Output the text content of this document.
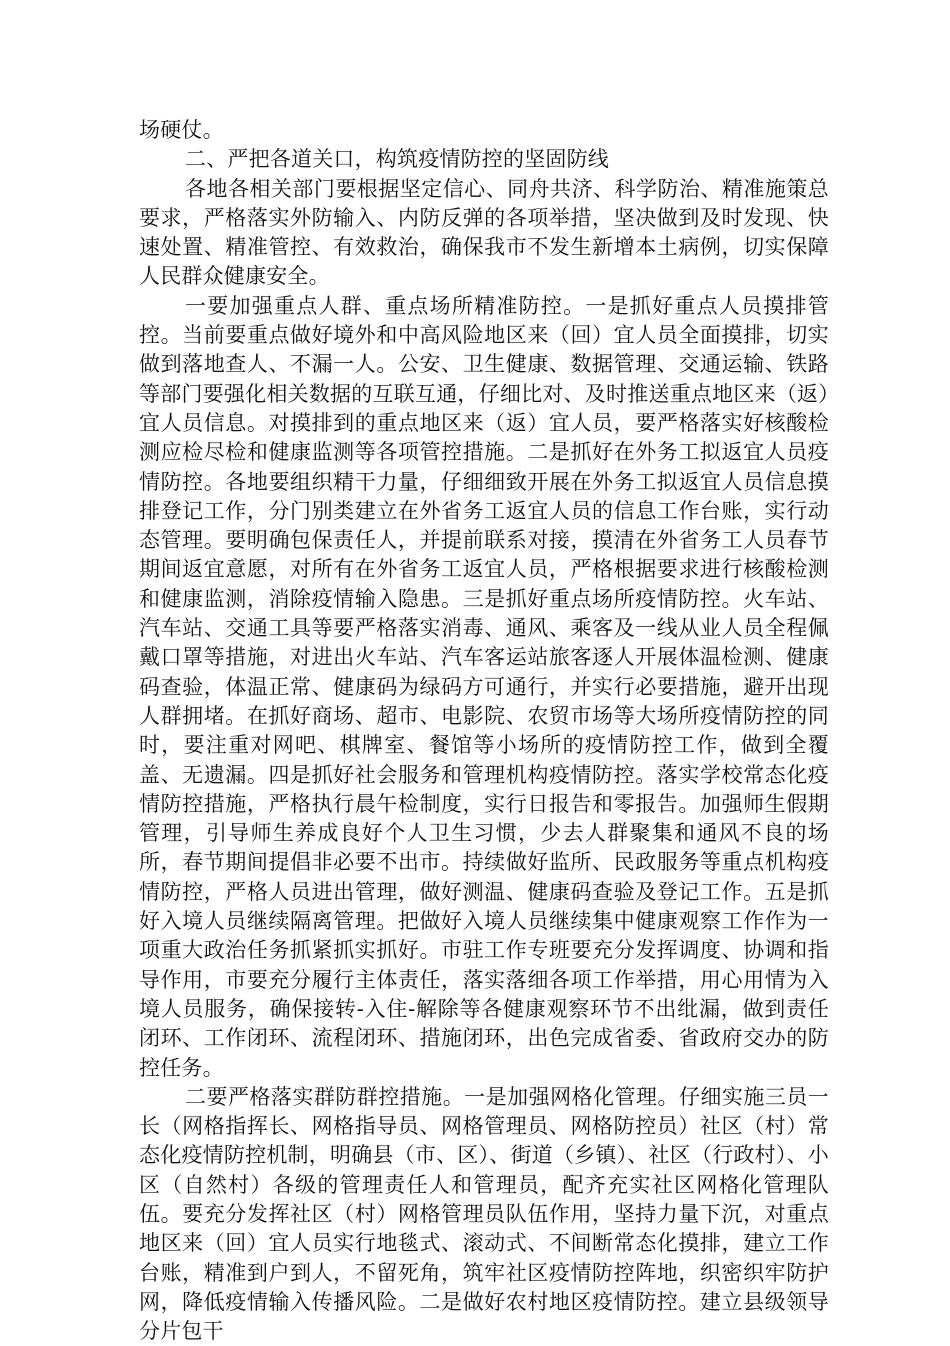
场硬仗。

二、严把各道关口，构筑疫情防控的坚固防线

各地各相关部门要根据坚定信心、同舟共济、科学防治、精准施策总要求，严格落实外防输入、内防反弹的各项举措，坚决做到及时发现、快速处置、精准管控、有效救治，确保我市不发生新增本土病例，切实保障人民群众健康安全。

一要加强重点人群、重点场所精准防控。一是抓好重点人员摸排管控。当前要重点做好境外和中高风险地区来（回）宜人员全面摸排，切实做到落地查人、不漏一人。公安、卫生健康、数据管理、交通运输、铁路等部门要强化相关数据的互联互通，仔细比对、及时推送重点地区来（返）宜人员信息。对摸排到的重点地区来（返）宜人员，要严格落实好核酸检测应检尽检和健康监测等各项管控措施。二是抓好在外务工拟返宜人员疫情防控。各地要组织精干力量，仔细细致开展在外务工拟返宜人员信息摸排登记工作，分门别类建立在外省务工返宜人员的信息工作台账，实行动态管理。要明确包保责任人，并提前联系对接，摸清在外省务工人员春节期间返宜意愿，对所有在外省务工返宜人员，严格根据要求进行核酸检测和健康监测，消除疫情输入隐患。三是抓好重点场所疫情防控。火车站、汽车站、交通工具等要严格落实消毒、通风、乘客及一线从业人员全程佩戴口罩等措施，对进出火车站、汽车客运站旅客逐人开展体温检测、健康码查验，体温正常、健康码为绿码方可通行，并实行必要措施，避开出现人群拥堵。在抓好商场、超市、电影院、农贸市场等大场所疫情防控的同时，要注重对网吧、棋牌室、餐馆等小场所的疫情防控工作，做到全覆盖、无遗漏。四是抓好社会服务和管理机构疫情防控。落实学校常态化疫情防控措施，严格执行晨午检制度，实行日报告和零报告。加强师生假期管理，引导师生养成良好个人卫生习惯，少去人群聚集和通风不良的场所，春节期间提倡非必要不出市。持续做好监所、民政服务等重点机构疫情防控，严格人员进出管理，做好测温、健康码查验及登记工作。五是抓好入境人员继续隔离管理。把做好入境人员继续集中健康观察工作作为一项重大政治任务抓紧抓实抓好。市驻工作专班要充分发挥调度、协调和指导作用，市要充分履行主体责任，落实落细各项工作举措，用心用情为入境人员服务，确保接转-入住-解除等各健康观察环节不出纰漏，做到责任闭环、工作闭环、流程闭环、措施闭环，出色完成省委、省政府交办的防控任务。

二要严格落实群防群控措施。一是加强网格化管理。仔细实施三员一长（网格指挥长、网格指导员、网格管理员、网格防控员）社区（村）常态化疫情防控机制，明确县（市、区）、街道（乡镇）、社区（行政村）、小区（自然村）各级的管理责任人和管理员，配齐充实社区网格化管理队伍。要充分发挥社区（村）网格管理员队伍作用，坚持力量下沉，对重点地区来（回）宜人员实行地毯式、滚动式、不间断常态化摸排，建立工作台账，精准到户到人，不留死角，筑牢社区疫情防控阵地，织密织牢防护网，降低疫情输入传播风险。二是做好农村地区疫情防控。建立县级领导分片包干
